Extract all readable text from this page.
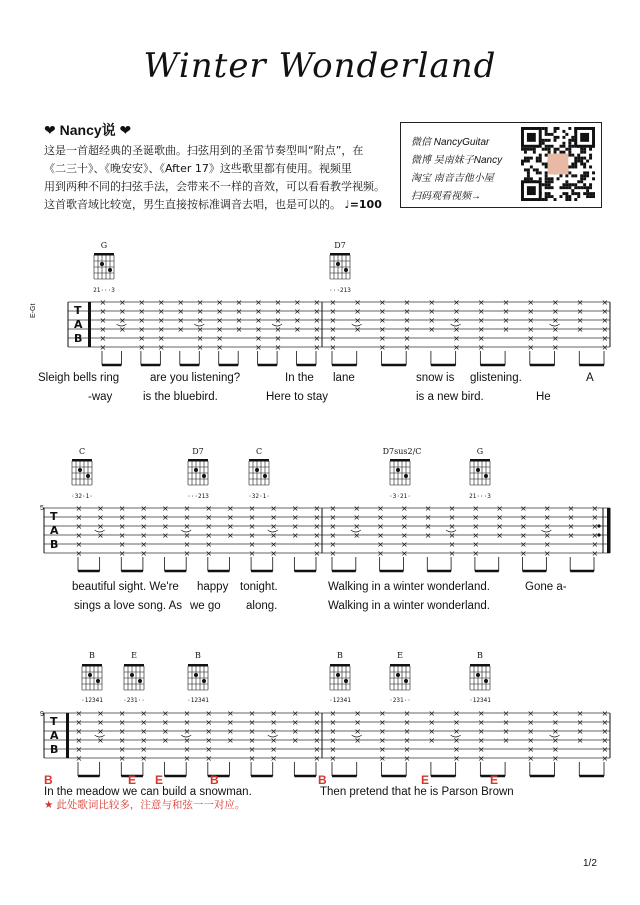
Winter Wonderland
❤ Nancy说 ❤
这是一首超经典的圣诞歌曲。扫弦用到的圣雷节奏型叫“附点”，在
《二三十》、《晚安安》、《After 17》这些歌里都有使用。视频里
用到两种不同的扫弦手法，会带来不一样的音效，可以看看教学视频。
这首歌音域比较宽，男生直接按标准调音去唱，也是可以的。 ♩=100
微信 NancyGuitar
微博 吴南妹子Nancy
淘宝 南音吉他小屋
扫码观看视频→
T
A
B
×
×
×
×
×
×
×
×
×
×
×
×
×
×
×
×
×
×
×
×
×
×
×
×
×
×
×
×
×
×
×
×
×
×
×
×
×
×
×
×
×
×
×
×
×
×
×
×
×
×
×
×
×
×
×
×
×
×
×
×
×
×
×
×
×
×
×
×
×
×
×
×
×
×
×
×
×
×
×
×
×
×
×
×
×
×
×
×
×
×
×
×
×
×
×
×
×
×
×
×
×
×
×
×
×
×
×
×
×
×
×
×
×
×
×
×
×
×
×
×
×
×
×
×
×
×
×
×
T
A
B
×
×
×
×
×
×
×
×
×
×
×
×
×
×
×
×
×
×
×
×
×
×
×
×
×
×
×
×
×
×
×
×
×
×
×
×
×
×
×
×
×
×
×
×
×
×
×
×
×
×
×
×
×
×
×
×
×
×
×
×
×
×
×
×
×
×
×
×
×
×
×
×
×
×
×
×
×
×
×
×
×
×
×
×
×
×
×
×
×
×
×
×
×
×
×
×
×
×
×
×
×
×
×
×
×
×
×
×
×
×
×
×
×
×
×
×
×
×
×
×
×
×
×
×
×
×
×
×
T
A
B
×
×
×
×
×
×
×
×
×
×
×
×
×
×
×
×
×
×
×
×
×
×
×
×
×
×
×
×
×
×
×
×
×
×
×
×
×
×
×
×
×
×
×
×
×
×
×
×
×
×
×
×
×
×
×
×
×
×
×
×
×
×
×
×
×
×
×
×
×
×
×
×
×
×
×
×
×
×
×
×
×
×
×
×
×
×
×
×
×
×
×
×
×
×
×
×
×
×
×
×
×
×
×
×
×
×
×
×
×
×
×
×
×
×
×
×
×
×
×
×
×
×
×
×
×
×
×
×
Sleigh bells ring	are you listening?	In the lane	snow is glistening.	A
-way	is the bluebird.	Here to stay	is a new bird.	He
beautiful sight. We're happy tonight.	Walking in a winter wonderland.	Gone a-
sings a love song. As we go along.	Walking in a winter wonderland.
B	E E	B	B	E	E
In the meadow we can build a snowman.	Then pretend that he is Parson Brown
★ 此处歌词比较多，注意与和弦一一对应。
1/2
G
21···3
D7
···213
C
·32·1·
D7
···213
C
·32·1·
D7sus2/C
·3·21·
G
21···3
B
·12341
E
·231··
B
·12341
B
·12341
E
·231··
B
·12341
5
9
E-Gt
